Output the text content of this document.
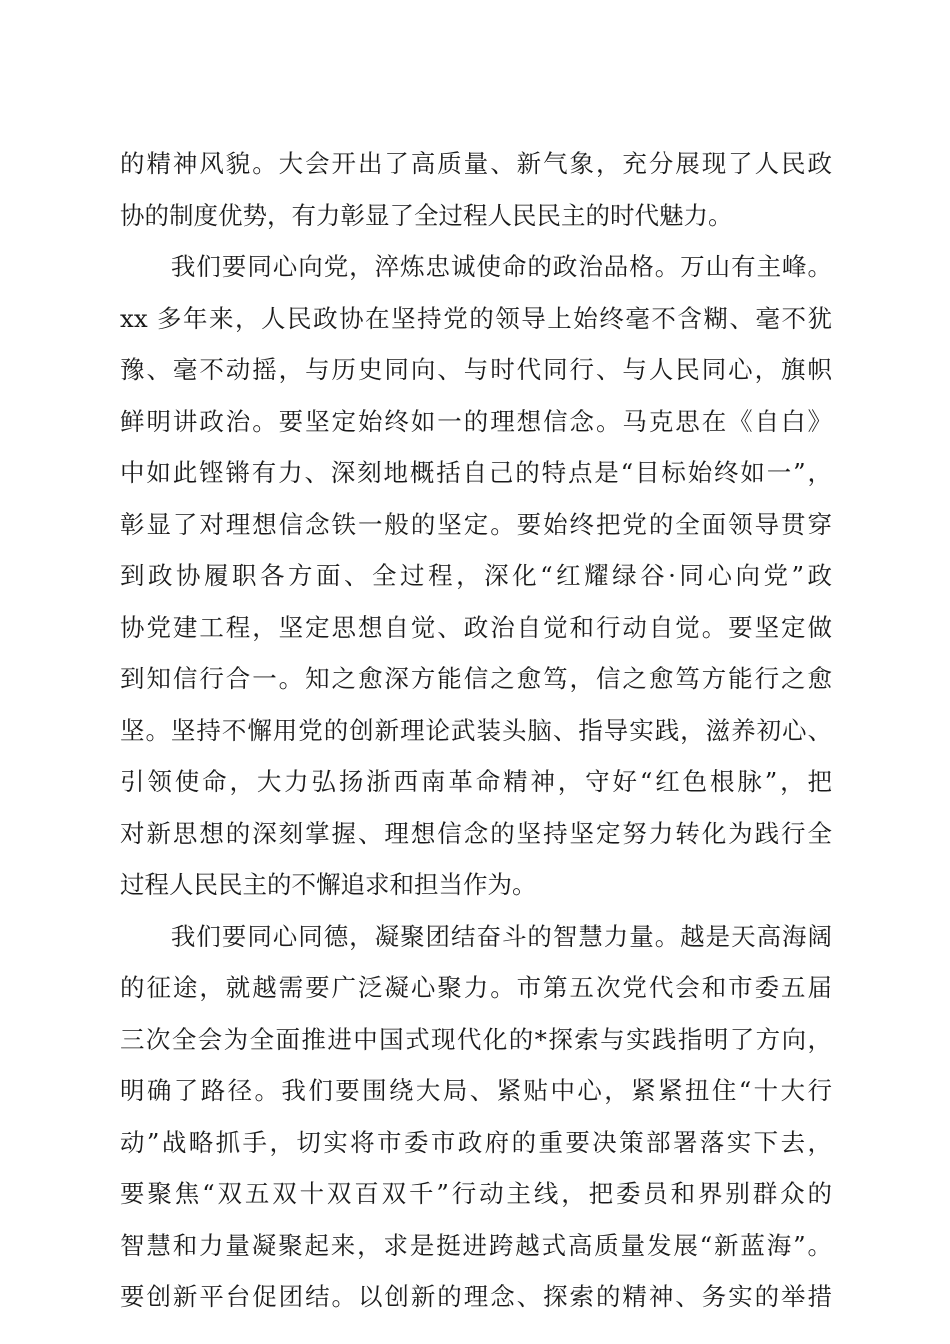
的精神风貌。大会开出了高质量、新气象，充分展现了人民政
协的制度优势，有力彰显了全过程人民民主的时代魅力。
　　我们要同心向党，淬炼忠诚使命的政治品格。万山有主峰。
xx 多年来，人民政协在坚持党的领导上始终毫不含糊、毫不犹
豫、毫不动摇，与历史同向、与时代同行、与人民同心，旗帜
鲜明讲政治。要坚定始终如一的理想信念。马克思在《自白》
中如此铿锵有力、深刻地概括自己的特点是“目标始终如一”，
彰显了对理想信念铁一般的坚定。要始终把党的全面领导贯穿
到政协履职各方面、全过程，深化“红耀绿谷·同心向党”政
协党建工程，坚定思想自觉、政治自觉和行动自觉。要坚定做
到知信行合一。知之愈深方能信之愈笃，信之愈笃方能行之愈
坚。坚持不懈用党的创新理论武装头脑、指导实践，滋养初心、
引领使命，大力弘扬浙西南革命精神，守好“红色根脉”，把
对新思想的深刻掌握、理想信念的坚持坚定努力转化为践行全
过程人民民主的不懈追求和担当作为。
　　我们要同心同德，凝聚团结奋斗的智慧力量。越是天高海阔
的征途，就越需要广泛凝心聚力。市第五次党代会和市委五届
三次全会为全面推进中国式现代化的*探索与实践指明了方向，
明确了路径。我们要围绕大局、紧贴中心，紧紧扭住“十大行
动”战略抓手，切实将市委市政府的重要决策部署落实下去，
要聚焦“双五双十双百双千”行动主线，把委员和界别群众的
智慧和力量凝聚起来，求是挺进跨越式高质量发展“新蓝海”。
要创新平台促团结。以创新的理念、探索的精神、务实的举措
